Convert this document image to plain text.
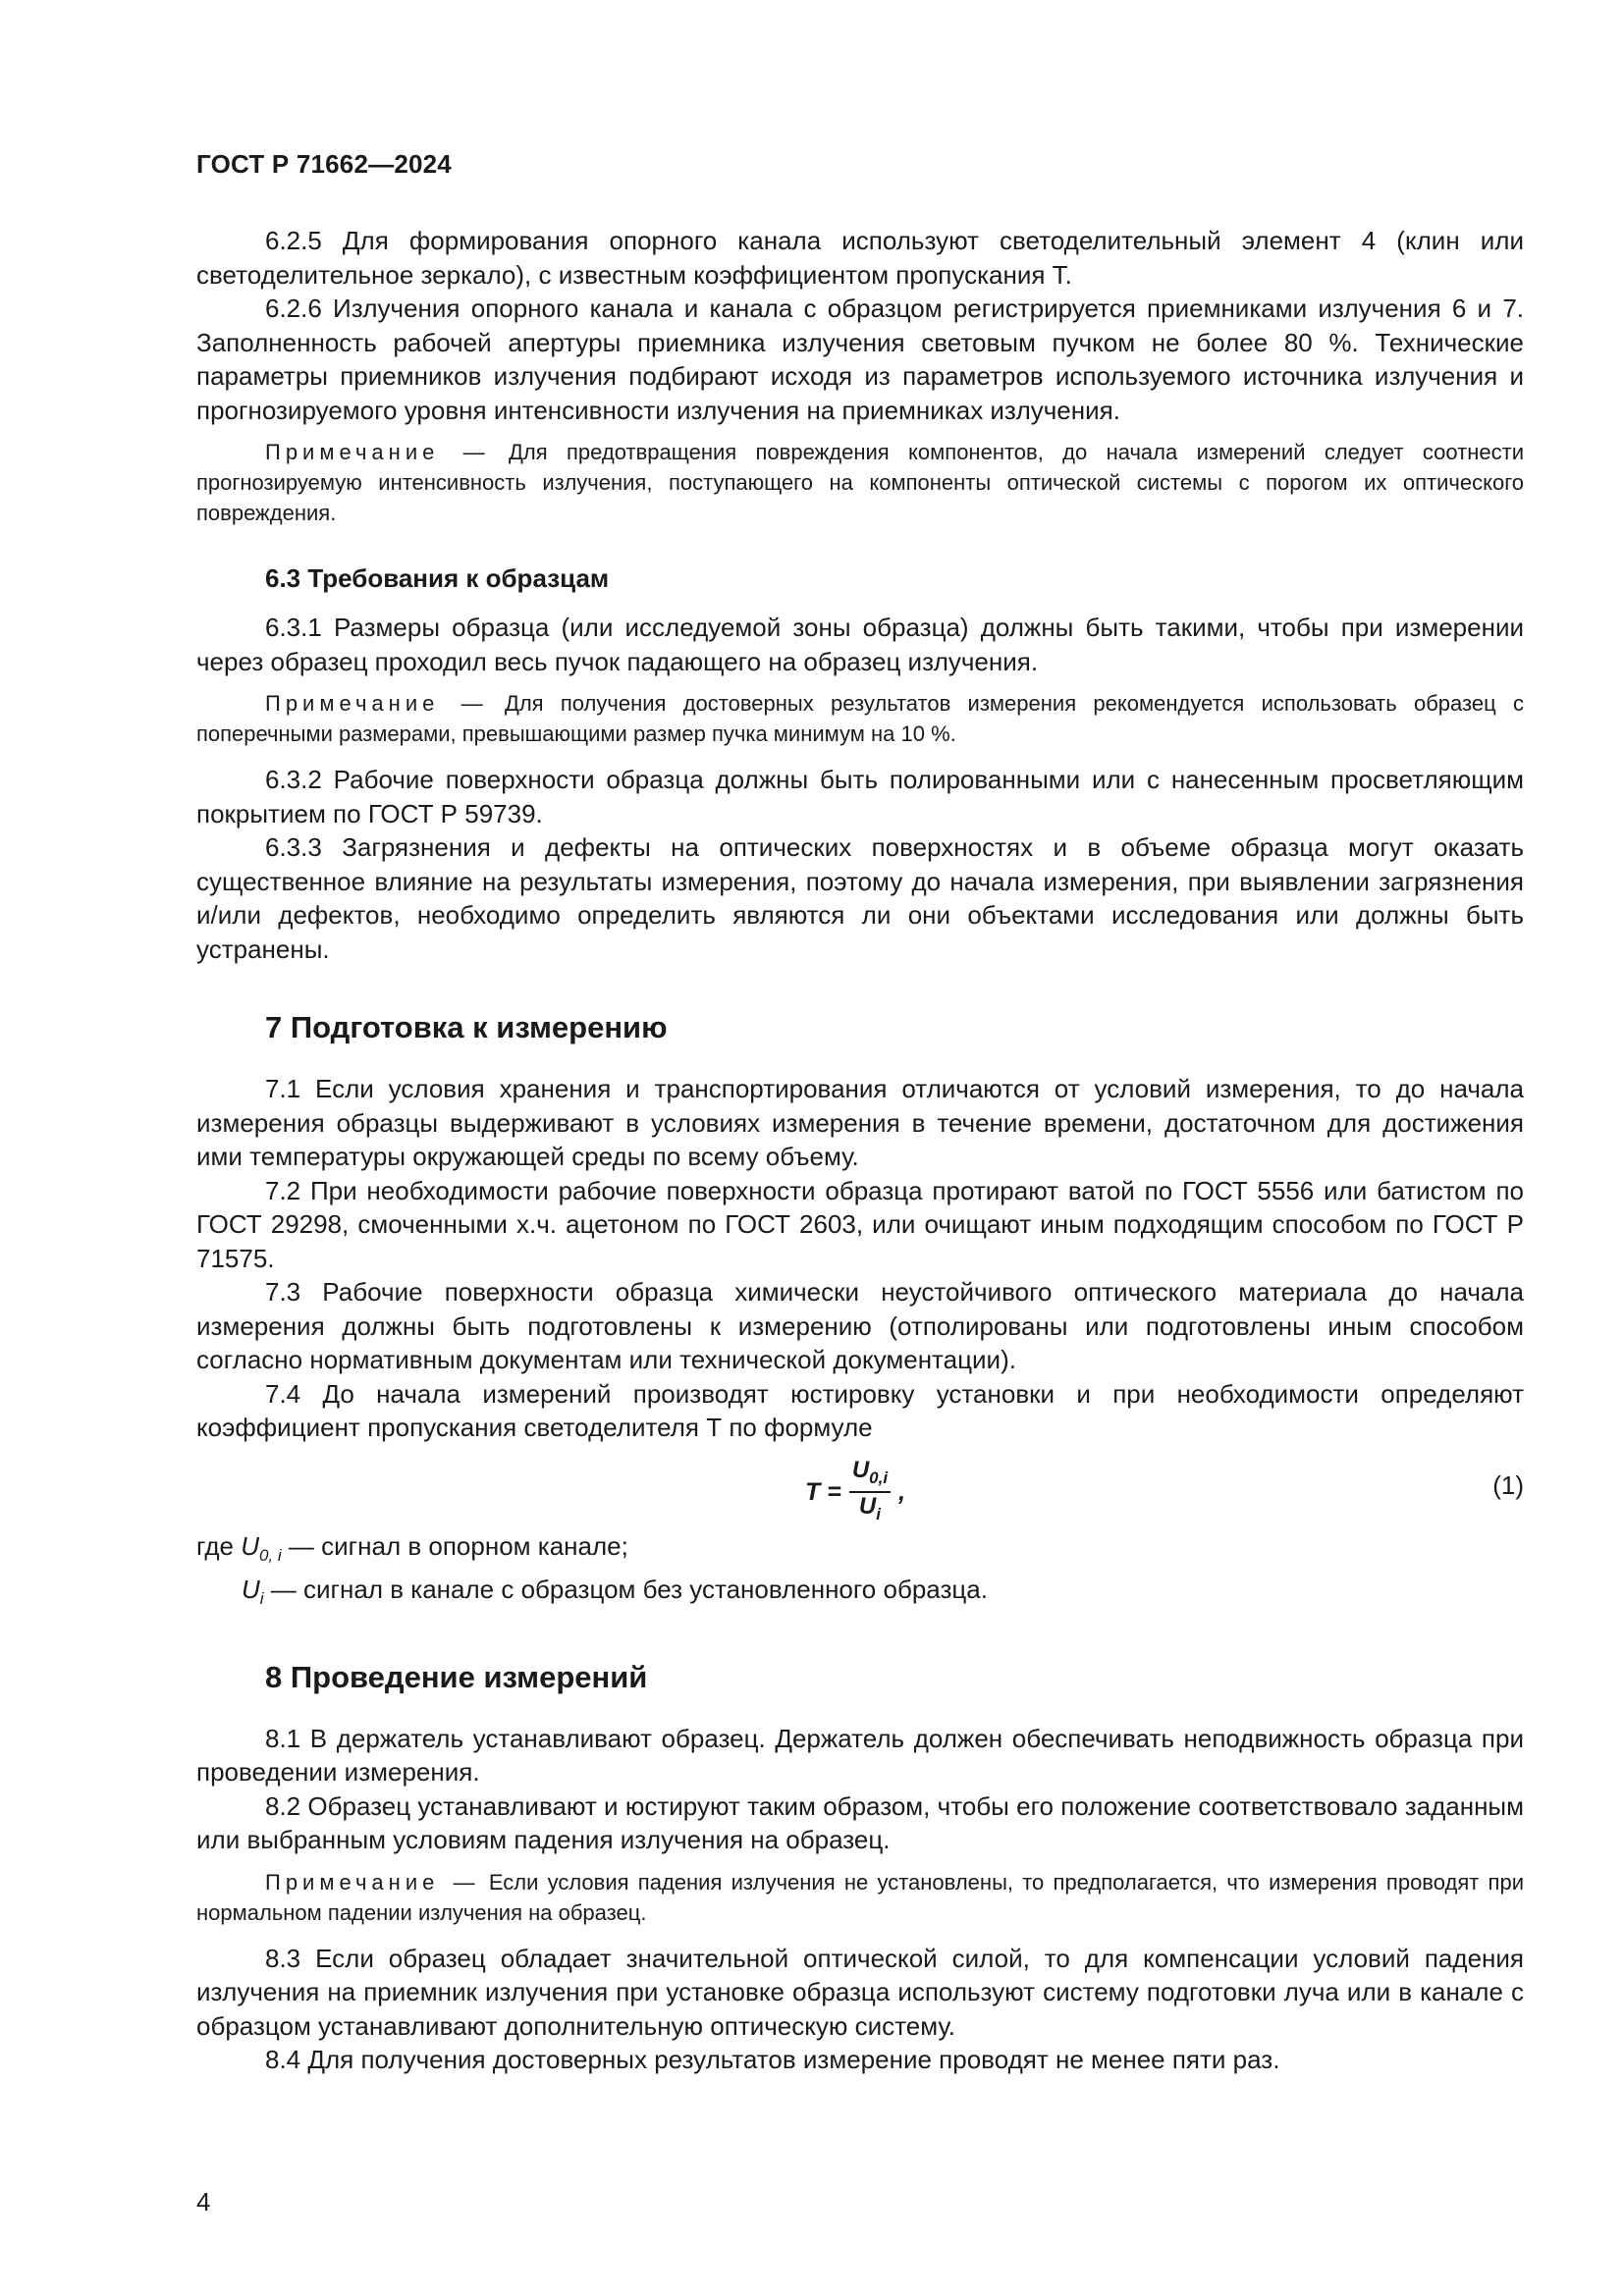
ГОСТ Р 71662—2024

6.2.5 Для формирования опорного канала используют светоделительный элемент 4 (клин или светоделительное зеркало), с известным коэффициентом пропускания Т.

6.2.6 Излучения опорного канала и канала с образцом регистрируется приемниками излучения 6 и 7. Заполненность рабочей апертуры приемника излучения световым пучком не более 80 %. Технические параметры приемников излучения подбирают исходя из параметров используемого источника излучения и прогнозируемого уровня интенсивности излучения на приемниках излучения.

Примечание — Для предотвращения повреждения компонентов, до начала измерений следует соотнести прогнозируемую интенсивность излучения, поступающего на компоненты оптической системы с порогом их оптического повреждения.
6.3 Требования к образцам

6.3.1 Размеры образца (или исследуемой зоны образца) должны быть такими, чтобы при измерении через образец проходил весь пучок падающего на образец излучения.

Примечание — Для получения достоверных результатов измерения рекомендуется использовать образец с поперечными размерами, превышающими размер пучка минимум на 10 %.

6.3.2 Рабочие поверхности образца должны быть полированными или с нанесенным просветляющим покрытием по ГОСТ Р 59739.

6.3.3 Загрязнения и дефекты на оптических поверхностях и в объеме образца могут оказать существенное влияние на результаты измерения, поэтому до начала измерения, при выявлении загрязнения и/или дефектов, необходимо определить являются ли они объектами исследования или должны быть устранены.

7 Подготовка к измерению

7.1 Если условия хранения и транспортирования отличаются от условий измерения, то до начала измерения образцы выдерживают в условиях измерения в течение времени, достаточном для достижения ими температуры окружающей среды по всему объему.

7.2 При необходимости рабочие поверхности образца протирают ватой по ГОСТ 5556 или батистом по ГОСТ 29298, смоченными х.ч. ацетоном по ГОСТ 2603, или очищают иным подходящим способом по ГОСТ Р 71575.

7.3 Рабочие поверхности образца химически неустойчивого оптического материала до начала измерения должны быть подготовлены к измерению (отполированы или подготовлены иным способом согласно нормативным документам или технической документации).

7.4 До начала измерений производят юстировку установки и при необходимости определяют коэффициент пропускания светоделителя Т по формуле

$T = \frac{U_{0,i}}{U_i}$ ,	(1)
где $U_{0, i}$ — сигнал в опорном канале;
$U_i$ — сигнал в канале с образцом без установленного образца.
8 Проведение измерений

8.1 В держатель устанавливают образец. Держатель должен обеспечивать неподвижность образца при проведении измерения.

8.2 Образец устанавливают и юстируют таким образом, чтобы его положение соответствовало заданным или выбранным условиям падения излучения на образец.

Примечание — Если условия падения излучения не установлены, то предполагается, что измерения проводят при нормальном падении излучения на образец.

8.3 Если образец обладает значительной оптической силой, то для компенсации условий падения излучения на приемник излучения при установке образца используют систему подготовки луча или в канале с образцом устанавливают дополнительную оптическую систему.

8.4 Для получения достоверных результатов измерение проводят не менее пяти раз.

4
